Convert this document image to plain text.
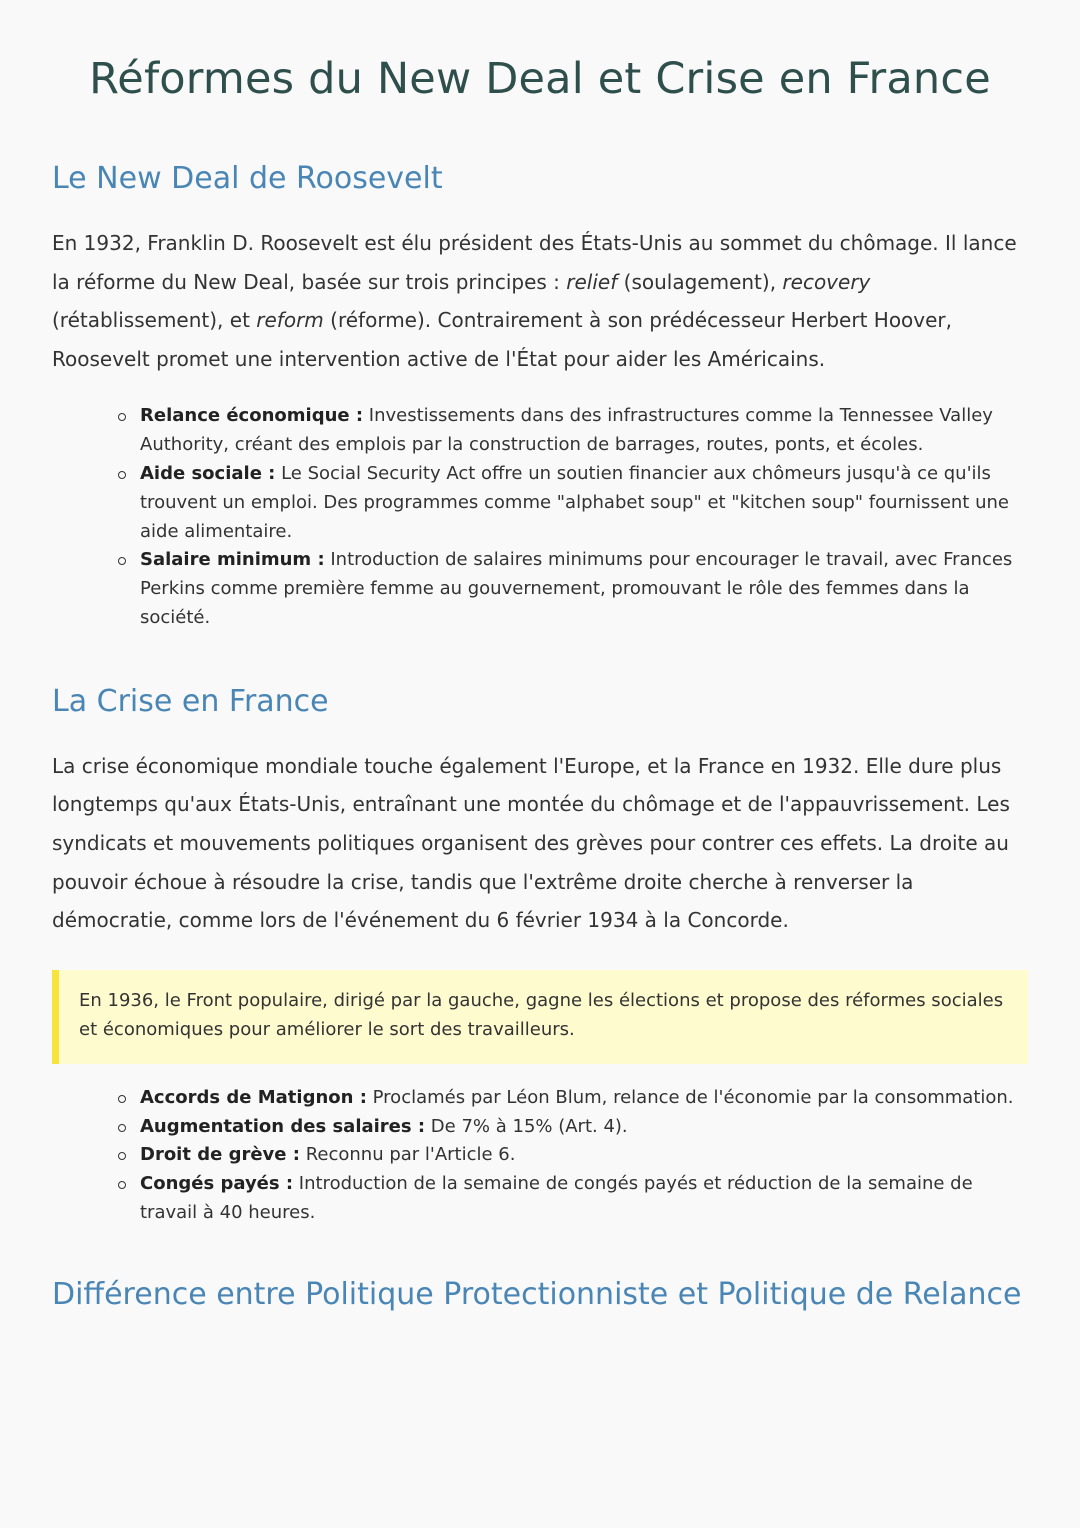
Réformes du New Deal et Crise en France
Le New Deal de Roosevelt

En 1932, Franklin D. Roosevelt est élu président des États-Unis au sommet du chômage. Il lance la réforme du New Deal, basée sur trois principes : relief (soulagement), recovery (rétablissement), et reform (réforme). Contrairement à son prédécesseur Herbert Hoover, Roosevelt promet une intervention active de l'État pour aider les Américains.

Relance économique : Investissements dans des infrastructures comme la Tennessee Valley Authority, créant des emplois par la construction de barrages, routes, ponts, et écoles.
Aide sociale : Le Social Security Act offre un soutien financier aux chômeurs jusqu'à ce qu'ils trouvent un emploi. Des programmes comme "alphabet soup" et "kitchen soup" fournissent une aide alimentaire.
Salaire minimum : Introduction de salaires minimums pour encourager le travail, avec Frances Perkins comme première femme au gouvernement, promouvant le rôle des femmes dans la société.
La Crise en France

La crise économique mondiale touche également l'Europe, et la France en 1932. Elle dure plus longtemps qu'aux États-Unis, entraînant une montée du chômage et de l'appauvrissement. Les syndicats et mouvements politiques organisent des grèves pour contrer ces effets. La droite au pouvoir échoue à résoudre la crise, tandis que l'extrême droite cherche à renverser la démocratie, comme lors de l'événement du 6 février 1934 à la Concorde.

En 1936, le Front populaire, dirigé par la gauche, gagne les élections et propose des réformes sociales et économiques pour améliorer le sort des travailleurs.
Accords de Matignon : Proclamés par Léon Blum, relance de l'économie par la consommation.
Augmentation des salaires : De 7% à 15% (Art. 4).
Droit de grève : Reconnu par l'Article 6.
Congés payés : Introduction de la semaine de congés payés et réduction de la semaine de travail à 40 heures.
Différence entre Politique Protectionniste et Politique de Relance
